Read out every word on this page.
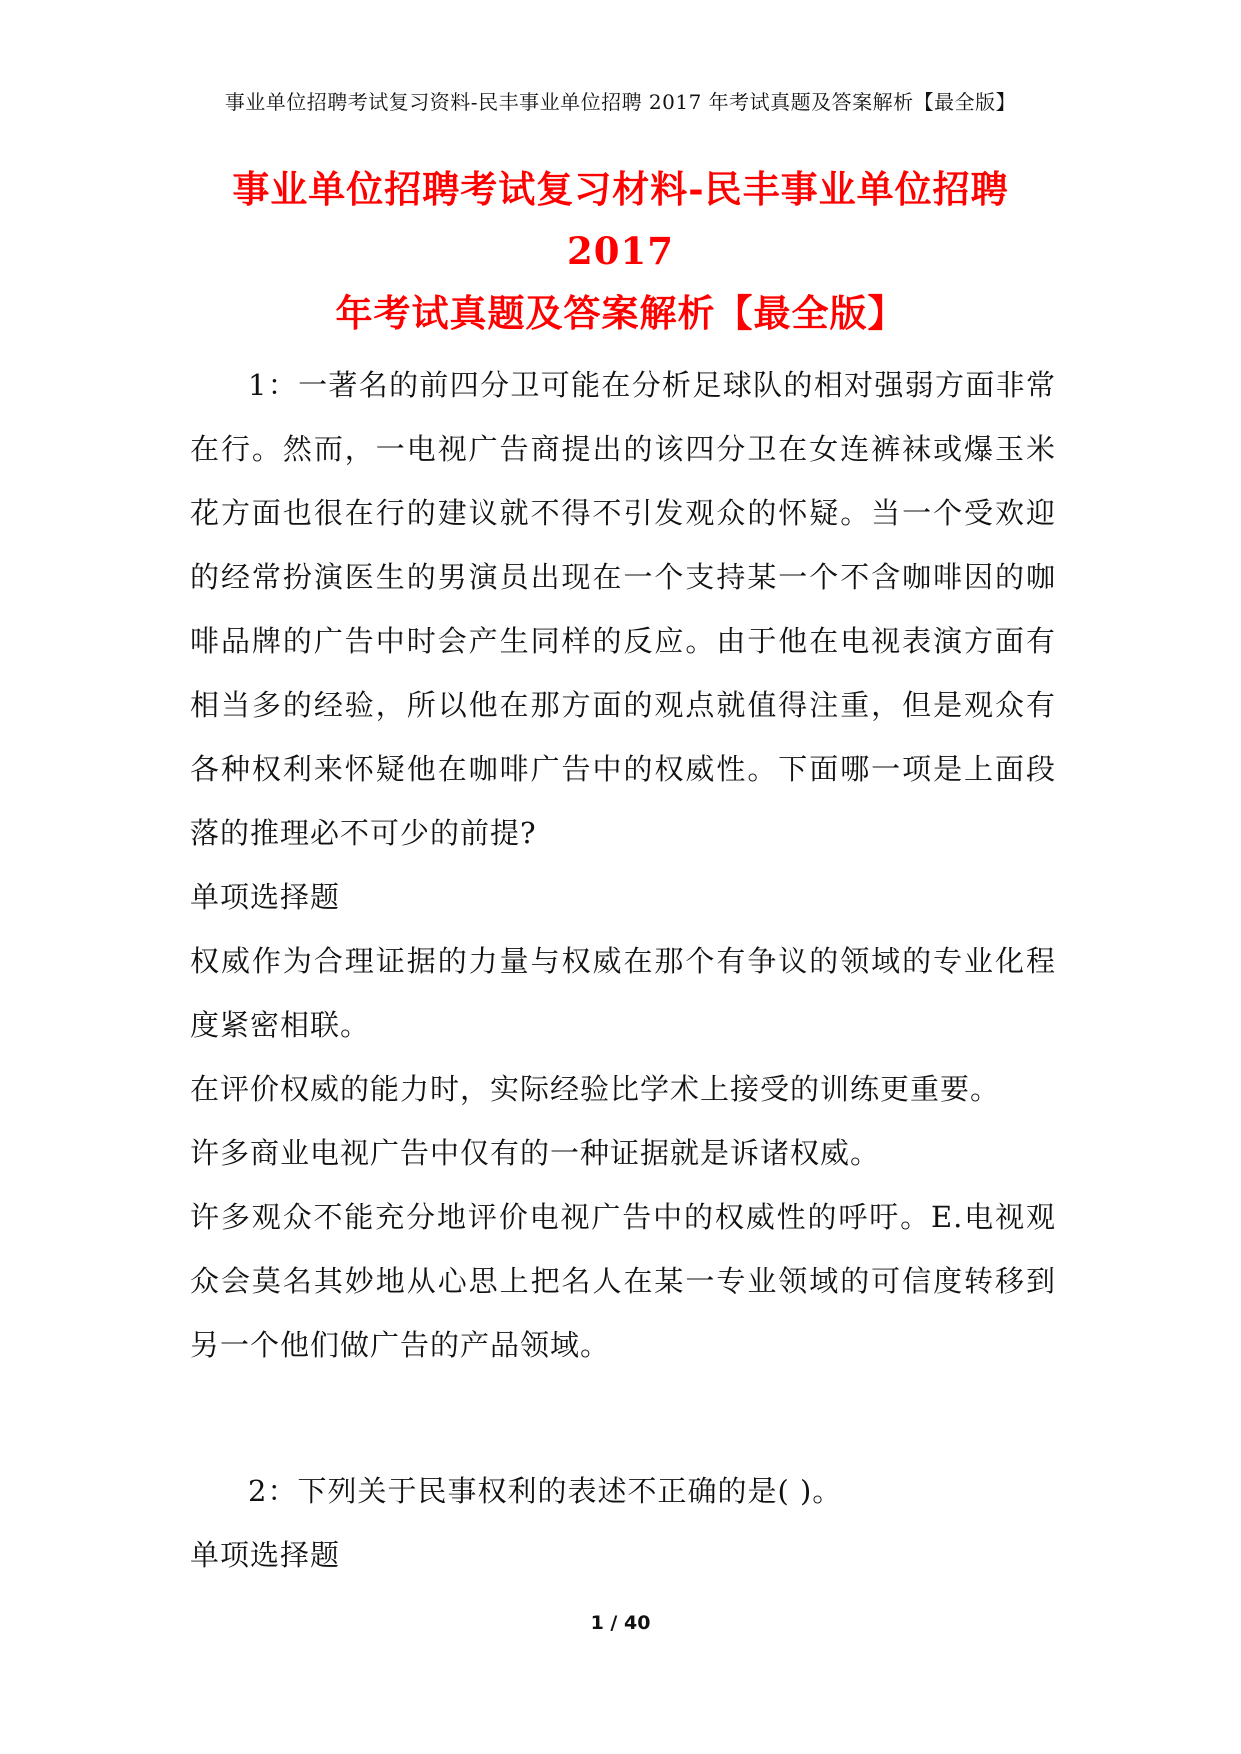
事业单位招聘考试复习资料-民丰事业单位招聘 2017 年考试真题及答案解析【最全版】
事业单位招聘考试复习材料-民丰事业单位招聘 2017
年考试真题及答案解析【最全版】

1：一著名的前四分卫可能在分析足球队的相对强弱方面非常在行。然而，一电视广告商提出的该四分卫在女连裤袜或爆玉米花方面也很在行的建议就不得不引发观众的怀疑。当一个受欢迎的经常扮演医生的男演员出现在一个支持某一个不含咖啡因的咖啡品牌的广告中时会产生同样的反应。由于他在电视表演方面有相当多的经验，所以他在那方面的观点就值得注重，但是观众有各种权利来怀疑他在咖啡广告中的权威性。下面哪一项是上面段落的推理必不可少的前提?

单项选择题

权威作为合理证据的力量与权威在那个有争议的领域的专业化程度紧密相联。

在评价权威的能力时，实际经验比学术上接受的训练更重要。

许多商业电视广告中仅有的一种证据就是诉诸权威。

许多观众不能充分地评价电视广告中的权威性的呼吁。E.电视观众会莫名其妙地从心思上把名人在某一专业领域的可信度转移到另一个他们做广告的产品领域。

2：下列关于民事权利的表述不正确的是( )。

单项选择题

1 / 40
